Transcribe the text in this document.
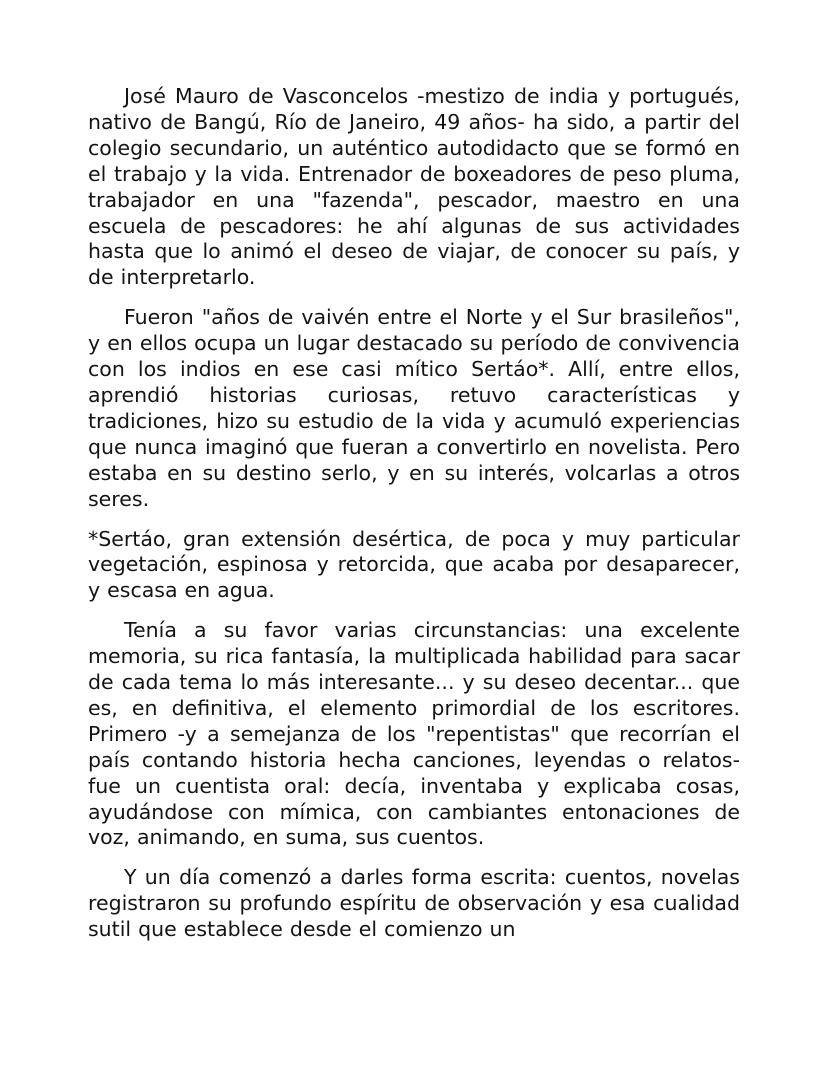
José Mauro de Vasconcelos -mestizo de india y portugués, nativo de Bangú, Río de Janeiro, 49 años- ha sido, a partir del colegio secundario, un auténtico autodidacto que se formó en el trabajo y la vida. Entrenador de boxeadores de peso pluma, trabajador en una "fazenda", pescador, maestro en una escuela de pescadores: he ahí algunas de sus actividades hasta que lo animó el deseo de viajar, de conocer su país, y de interpretarlo.

Fueron "años de vaivén entre el Norte y el Sur brasileños", y en ellos ocupa un lugar destacado su período de convivencia con los indios en ese casi mítico Sertáo*. Allí, entre ellos, aprendió historias curiosas, retuvo características y tradiciones, hizo su estudio de la vida y acumuló experiencias que nunca imaginó que fueran a convertirlo en novelista. Pero estaba en su destino serlo, y en su interés, volcarlas a otros seres.

*Sertáo, gran extensión desértica, de poca y muy particular vegetación, espinosa y retorcida, que acaba por desaparecer, y escasa en agua.

Tenía a su favor varias circunstancias: una excelente memoria, su rica fantasía, la multiplicada habilidad para sacar de cada tema lo más interesante... y su deseo decentar... que es, en definitiva, el elemento primordial de los escritores. Primero -y a semejanza de los "repentistas" que recorrían el país contando historia hecha canciones, leyendas o relatos- fue un cuentista oral: decía, inventaba y explicaba cosas, ayudándose con mímica, con cambiantes entonaciones de voz, animando, en suma, sus cuentos.

Y un día comenzó a darles forma escrita: cuentos, novelas registraron su profundo espíritu de observación y esa cualidad sutil que establece desde el comienzo un
